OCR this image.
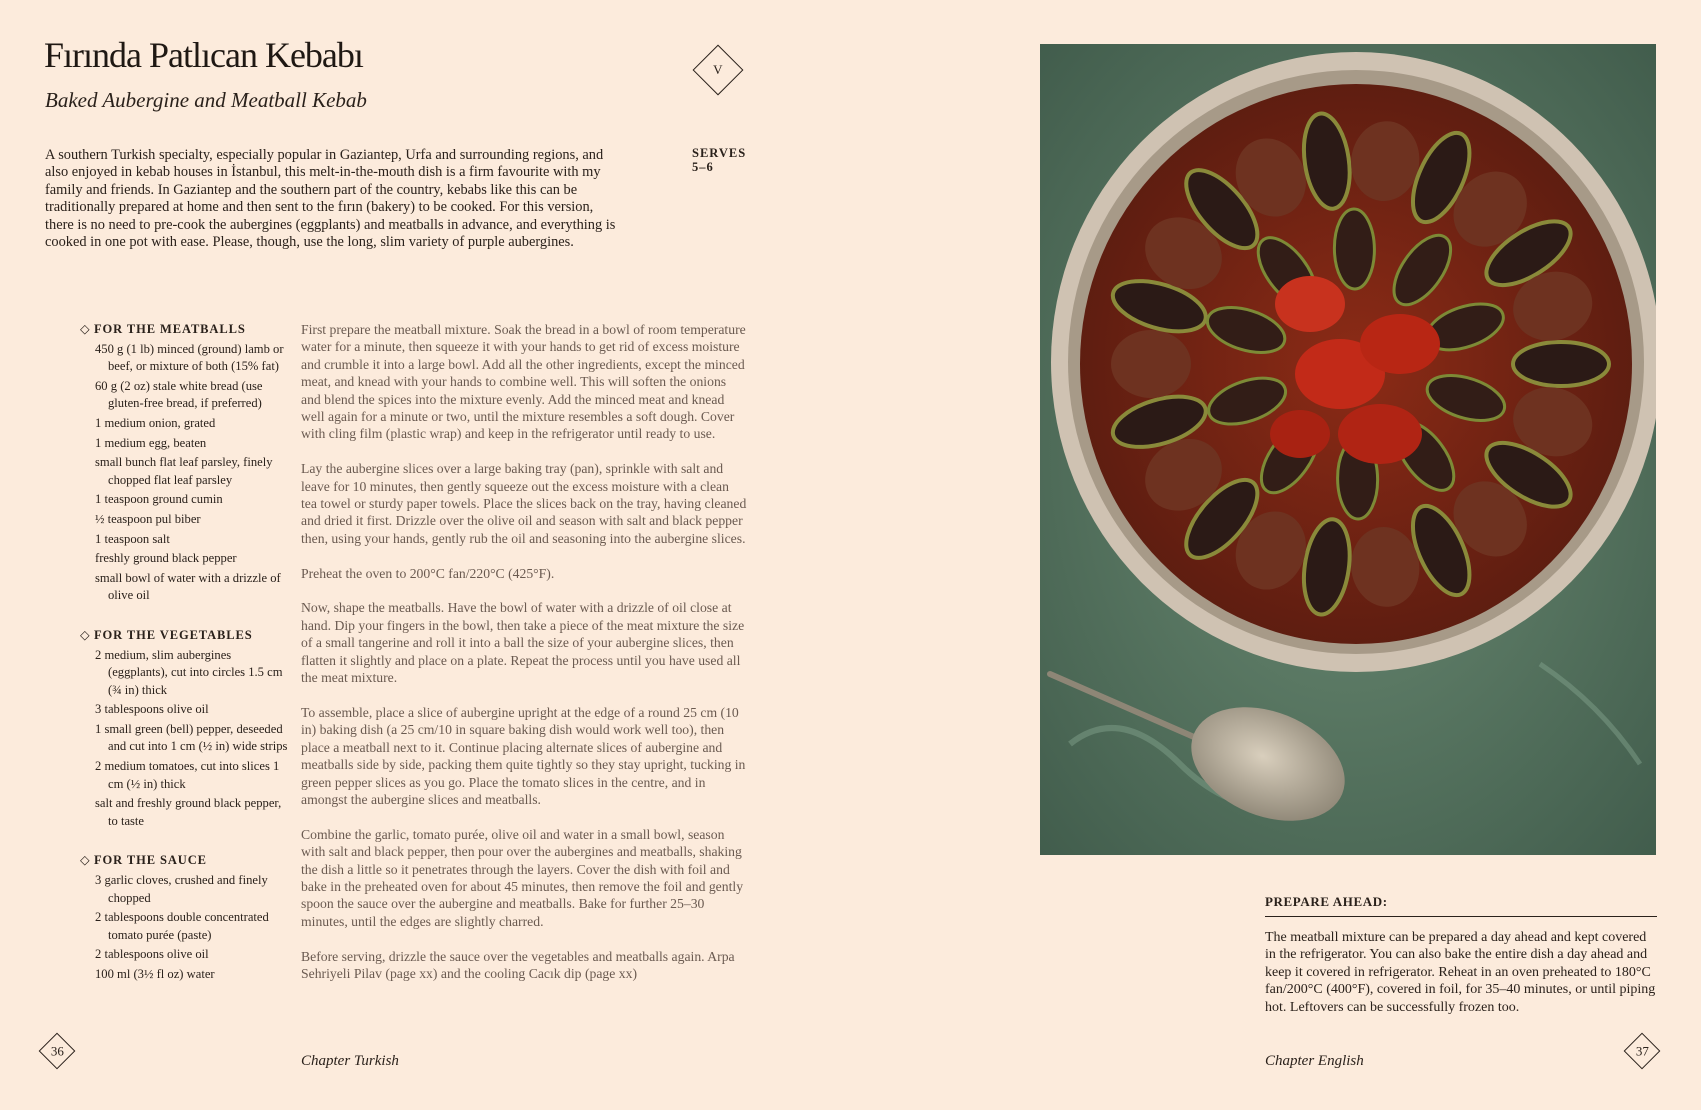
Fırında Patlıcan Kebabı
Baked Aubergine and Meatball Kebab
V
A southern Turkish specialty, especially popular in Gaziantep, Urfa and surrounding regions, and also enjoyed in kebab houses in İstanbul, this melt-in-the-mouth dish is a firm favourite with my family and friends. In Gaziantep and the southern part of the country, kebabs like this can be traditionally prepared at home and then sent to the fırın (bakery) to be cooked. For this version, there is no need to pre-cook the aubergines (eggplants) and meatballs in advance, and everything is cooked in one pot with ease. Please, though, use the long, slim variety of purple aubergines.
SERVES
5–6
◇ FOR THE MEATBALLS
450 g (1 lb) minced (ground) lamb or beef, or mixture of both (15% fat)
60 g (2 oz) stale white bread (use gluten-free bread, if preferred)
1 medium onion, grated
1 medium egg, beaten
small bunch flat leaf parsley, finely chopped flat leaf parsley
1 teaspoon ground cumin
½ teaspoon pul biber
1 teaspoon salt
freshly ground black pepper
small bowl of water with a drizzle of olive oil
◇ FOR THE VEGETABLES
2 medium, slim aubergines (eggplants), cut into circles 1.5 cm (¾ in) thick
3 tablespoons olive oil
1 small green (bell) pepper, deseeded and cut into 1 cm (½ in) wide strips
2 medium tomatoes, cut into slices 1 cm (½ in) thick
salt and freshly ground black pepper, to taste
◇ FOR THE SAUCE
3 garlic cloves, crushed and finely chopped
2 tablespoons double concentrated tomato purée (paste)
2 tablespoons olive oil
100 ml (3½ fl oz) water

First prepare the meatball mixture. Soak the bread in a bowl of room temperature water for a minute, then squeeze it with your hands to get rid of excess moisture and crumble it into a large bowl. Add all the other ingredients, except the minced meat, and knead with your hands to combine well. This will soften the onions and blend the spices into the mixture evenly. Add the minced meat and knead well again for a minute or two, until the mixture resembles a soft dough. Cover with cling film (plastic wrap) and keep in the refrigerator until ready to use.

Lay the aubergine slices over a large baking tray (pan), sprinkle with salt and leave for 10 minutes, then gently squeeze out the excess moisture with a clean tea towel or sturdy paper towels. Place the slices back on the tray, having cleaned and dried it first. Drizzle over the olive oil and season with salt and black pepper then, using your hands, gently rub the oil and seasoning into the aubergine slices.

Preheat the oven to 200°C fan/220°C (425°F).

Now, shape the meatballs. Have the bowl of water with a drizzle of oil close at hand. Dip your fingers in the bowl, then take a piece of the meat mixture the size of a small tangerine and roll it into a ball the size of your aubergine slices, then flatten it slightly and place on a plate. Repeat the process until you have used all the meat mixture.

To assemble, place a slice of aubergine upright at the edge of a round 25 cm (10 in) baking dish (a 25 cm/10 in square baking dish would work well too), then place a meatball next to it. Continue placing alternate slices of aubergine and meatballs side by side, packing them quite tightly so they stay upright, tucking in green pepper slices as you go. Place the tomato slices in the centre, and in amongst the aubergine slices and meatballs.

Combine the garlic, tomato purée, olive oil and water in a small bowl, season with salt and black pepper, then pour over the aubergines and meatballs, shaking the dish a little so it penetrates through the layers. Cover the dish with foil and bake in the preheated oven for about 45 minutes, then remove the foil and gently spoon the sauce over the aubergine and meatballs. Bake for further 25–30 minutes, until the edges are slightly charred.

Before serving, drizzle the sauce over the vegetables and meatballs again. Arpa Sehriyeli Pilav (page xx) and the cooling Cacık dip (page xx)

36
Chapter Turkish
PREPARE AHEAD:
The meatball mixture can be prepared a day ahead and kept covered in the refrigerator. You can also bake the entire dish a day ahead and keep it covered in refrigerator. Reheat in an oven preheated to 180°C fan/200°C (400°F), covered in foil, for 35–40 minutes, or until piping hot. Leftovers can be successfully frozen too.
Chapter English
37
